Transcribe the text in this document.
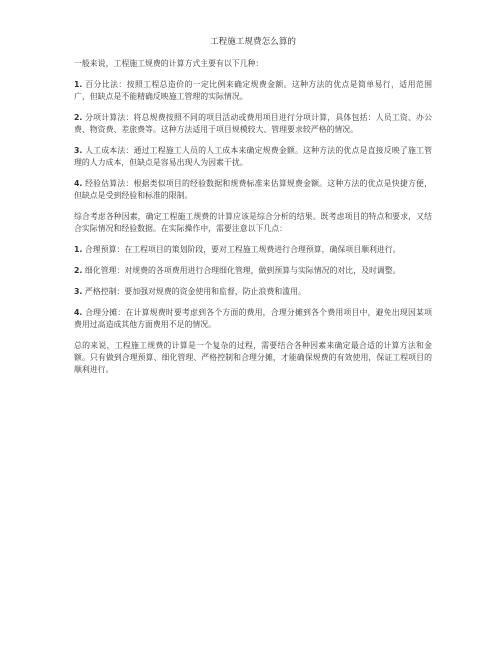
工程施工规费怎么算的

一般来说，工程施工规费的计算方式主要有以下几种：

1. 百分比法：按照工程总造价的一定比例来确定规费金额。这种方法的优点是简单易行，适用范围广，但缺点是不能精确反映施工管理的实际情况。

2. 分项计算法：将总规费按照不同的项目活动或费用项目进行分项计算，具体包括：人员工资、办公费、物资费、差旅费等。这种方法适用于项目规模较大、管理要求较严格的情况。

3. 人工成本法：通过工程施工人员的人工成本来确定规费金额。这种方法的优点是直接反映了施工管理的人力成本，但缺点是容易出现人为因素干扰。

4. 经验估算法：根据类似项目的经验数据和规费标准来估算规费金额。这种方法的优点是快捷方便，但缺点是受到经验和标准的限制。

综合考虑各种因素，确定工程施工规费的计算应该是综合分析的结果。既考虑项目的特点和要求，又结合实际情况和经验数据。在实际操作中，需要注意以下几点：

1. 合理预算：在工程项目的策划阶段，要对工程施工规费进行合理预算，确保项目顺利进行。

2. 细化管理：对规费的各项费用进行合理细化管理，做到预算与实际情况的对比，及时调整。

3. 严格控制：要加强对规费的资金使用和监督，防止浪费和滥用。

4. 合理分摊：在计算规费时要考虑到各个方面的费用，合理分摊到各个费用项目中，避免出现因某项费用过高造成其他方面费用不足的情况。

总的来说，工程施工规费的计算是一个复杂的过程，需要结合各种因素来确定最合适的计算方法和金额。只有做到合理预算、细化管理、严格控制和合理分摊，才能确保规费的有效使用，保证工程项目的顺利进行。
